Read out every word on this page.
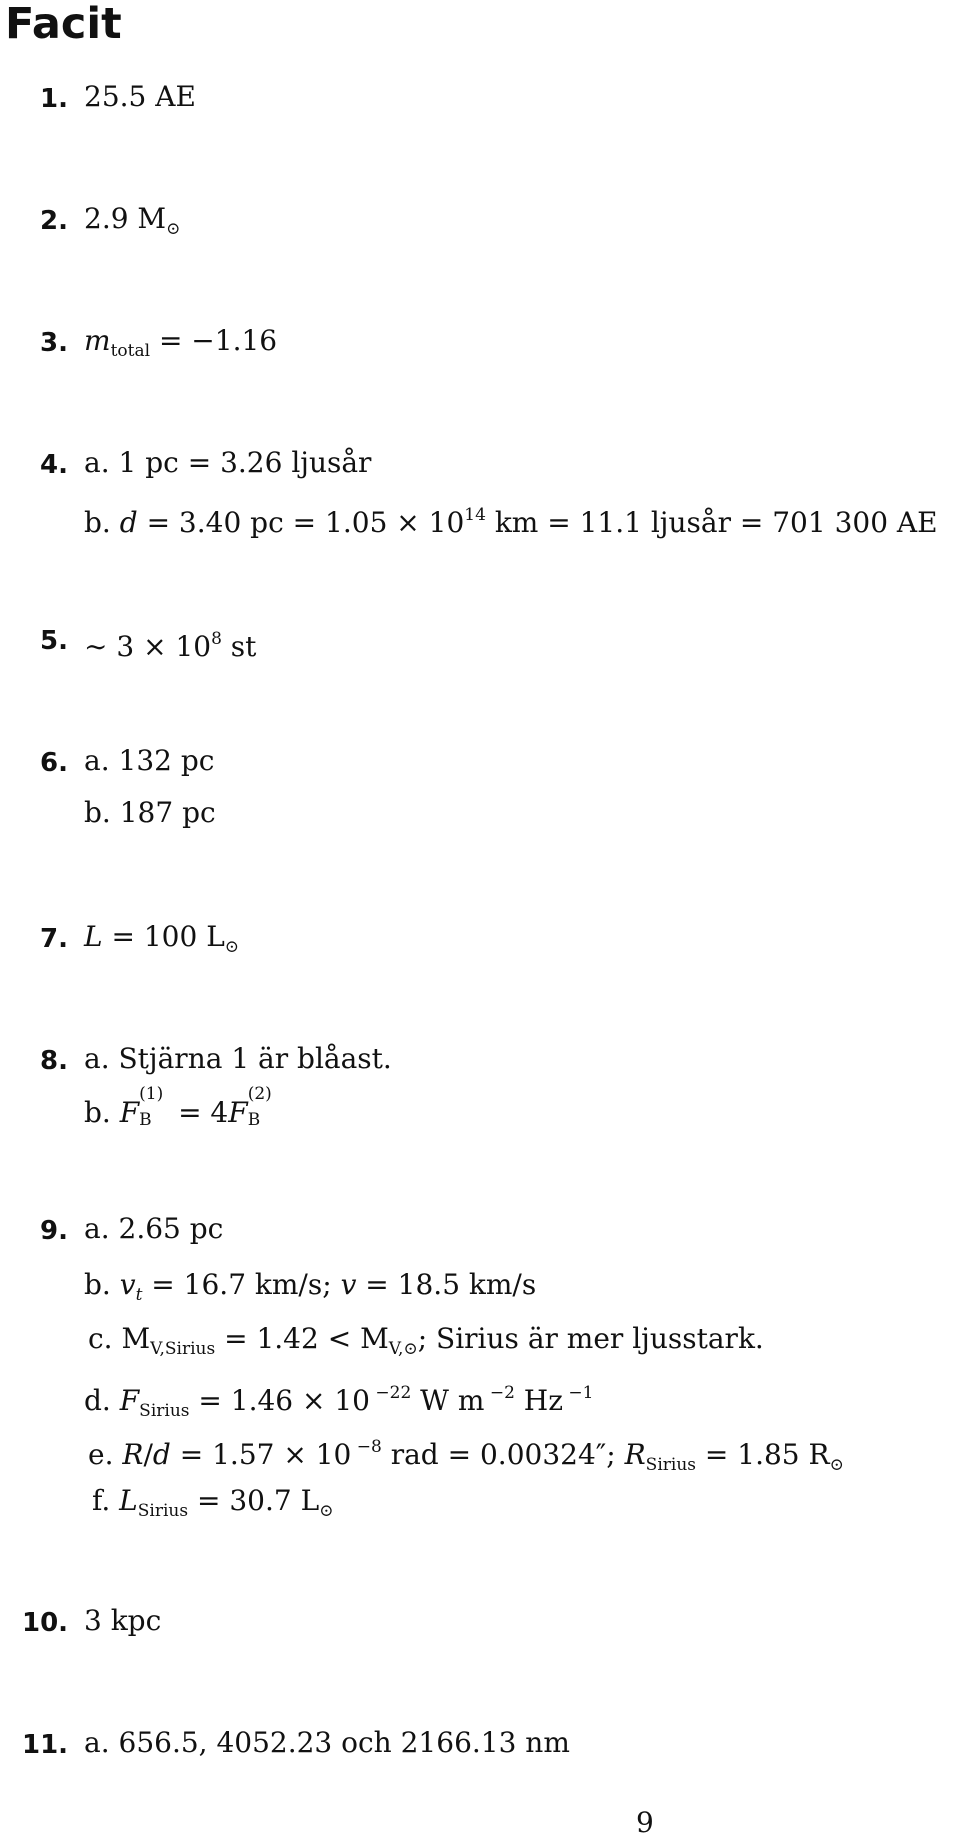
Facit
1. 25.5 AE
2. 2.9 $M_⊙$
3. $m_{total} = -1.16$
4. a. 1 pc = 3.26 ljusår
b. d = 3.40 pc = $1.05 \times 10^{14}$ km = 11.1 ljusår = 701 300 AE
5. ∼ $3 \times 10^8$ st
6. a. 132 pc
b. 187 pc
7. L = 100 $L_⊙$
8. a. Stjärna 1 är blåast.
b. F
(1)
B = 4F
(2)
B
9. a. 2.65 pc
b. $v_t = 16.7$ km/s; v = 18.5 km/s
c. $M_{V,Sirius} = 1.42 < M_{V,⊙}$; Sirius är mer ljusstark.
d. $F_{Sirius} = 1.46 \times 10$ $^{-22}$ W m $^{-2}$ Hz $^{-1}$
e. R/d = 1.57 × 10 $^{-8}$ rad = 0.00324″; $R_{Sirius} = 1.85$ $R_⊙$
f. $L_{Sirius} = 30.7$ $L_⊙$
10. 3 kpc
11. a. 656.5, 4052.23 och 2166.13 nm
9
